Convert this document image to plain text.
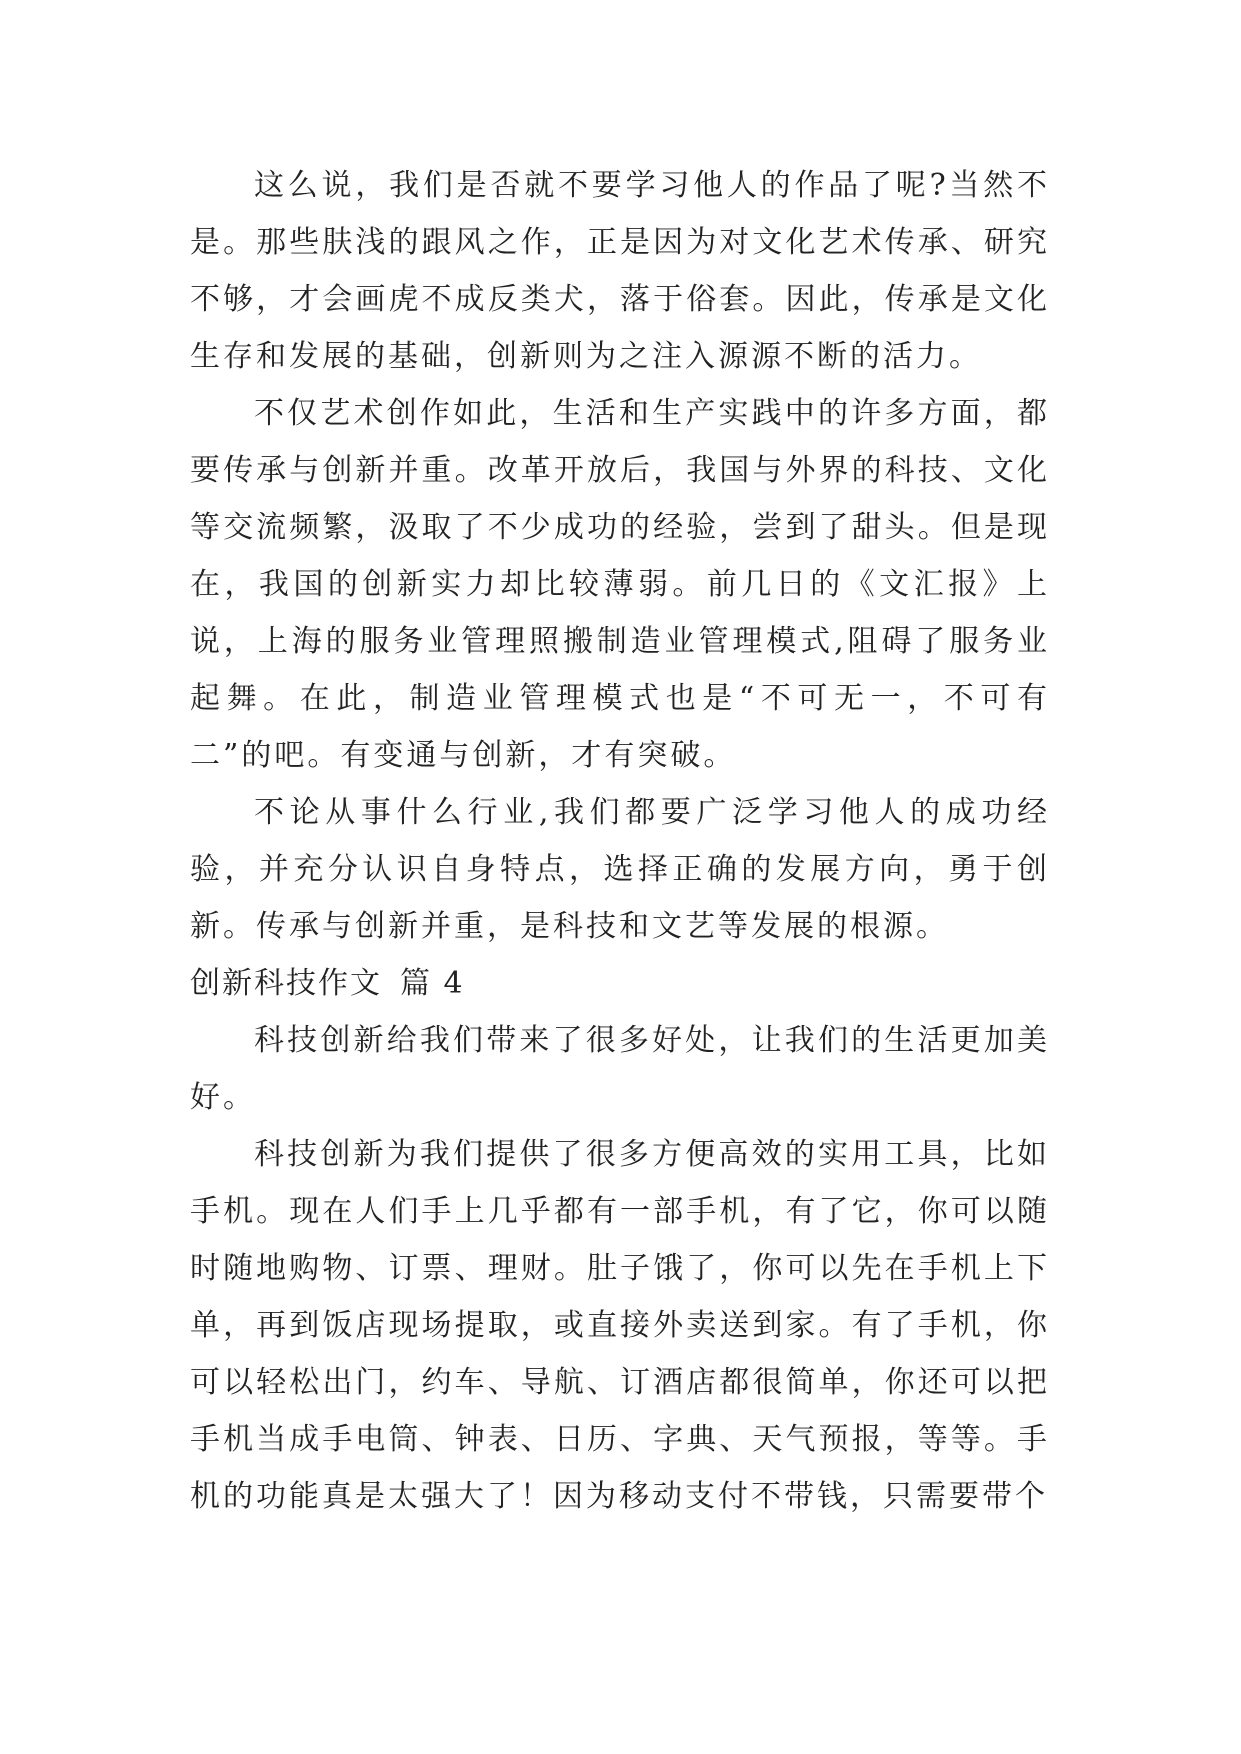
这么说，我们是否就不要学习他人的作品了呢?当然不是。那些肤浅的跟风之作，正是因为对文化艺术传承、研究不够，才会画虎不成反类犬，落于俗套。因此，传承是文化生存和发展的基础，创新则为之注入源源不断的活力。

不仅艺术创作如此，生活和生产实践中的许多方面，都要传承与创新并重。改革开放后，我国与外界的科技、文化等交流频繁，汲取了不少成功的经验，尝到了甜头。但是现在，我国的创新实力却比较薄弱。前几日的《文汇报》上说，上海的服务业管理照搬制造业管理模式,阻碍了服务业起舞。在此，制造业管理模式也是“不可无一，不可有二”的吧。有变通与创新，才有突破。

不论从事什么行业,我们都要广泛学习他人的成功经验，并充分认识自身特点，选择正确的发展方向，勇于创新。传承与创新并重，是科技和文艺等发展的根源。

创新科技作文 篇 4

科技创新给我们带来了很多好处，让我们的生活更加美好。

科技创新为我们提供了很多方便高效的实用工具，比如手机。现在人们手上几乎都有一部手机，有了它，你可以随时随地购物、订票、理财。肚子饿了，你可以先在手机上下单，再到饭店现场提取，或直接外卖送到家。有了手机，你可以轻松出门，约车、导航、订酒店都很简单，你还可以把手机当成手电筒、钟表、日历、字典、天气预报，等等。手机的功能真是太强大了！因为移动支付不带钱，只需要带个
